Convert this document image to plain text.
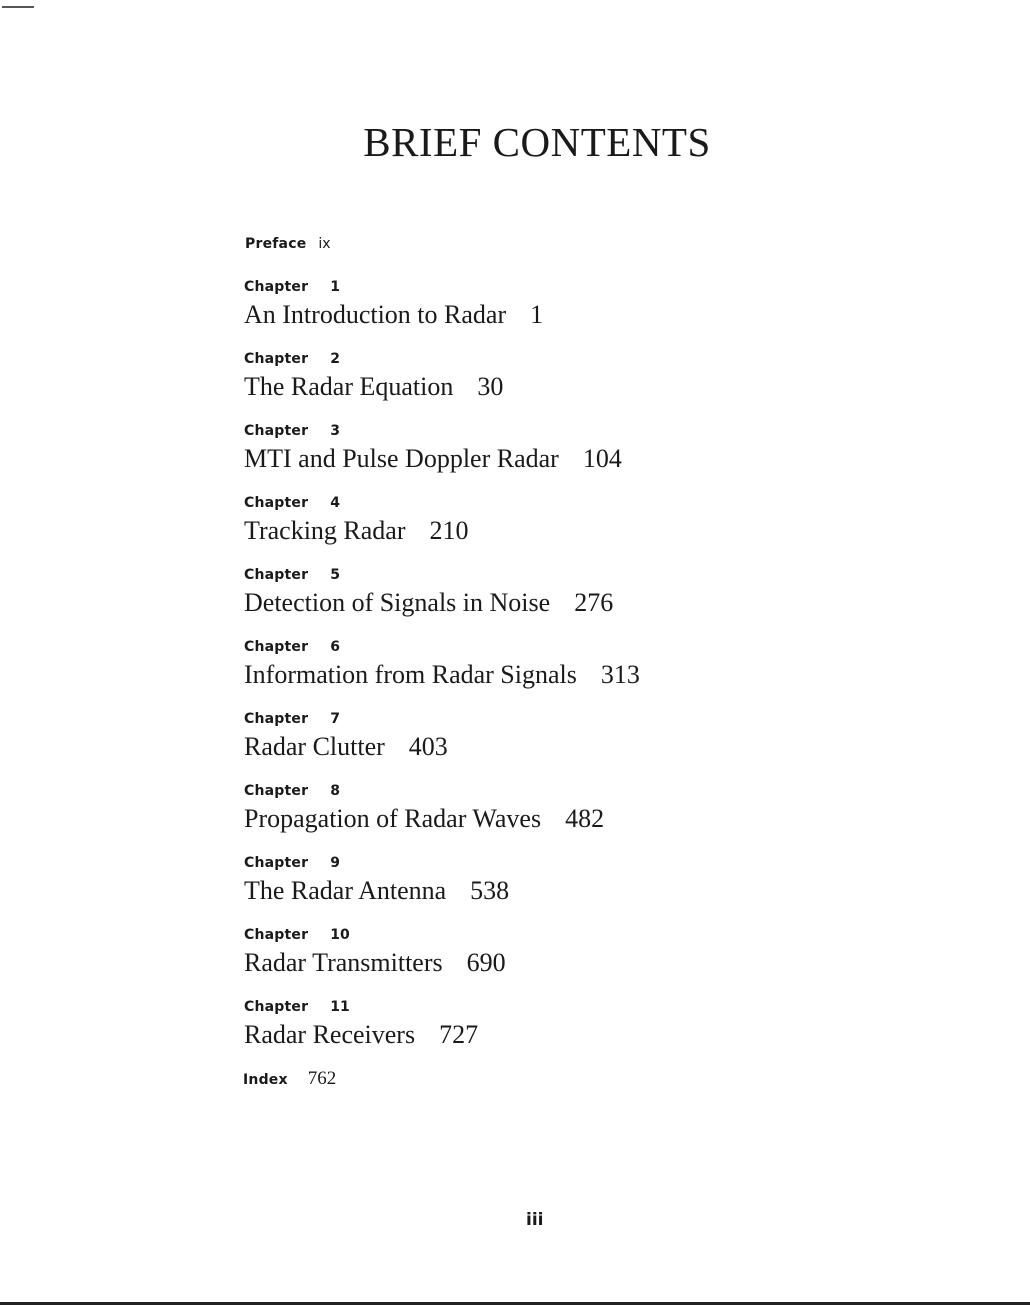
BRIEF CONTENTS
Preface ix
Chapter 1
An Introduction to Radar 1
Chapter 2
The Radar Equation 30
Chapter 3
MTI and Pulse Doppler Radar 104
Chapter 4
Tracking Radar 210
Chapter 5
Detection of Signals in Noise 276
Chapter 6
Information from Radar Signals 313
Chapter 7
Radar Clutter 403
Chapter 8
Propagation of Radar Waves 482
Chapter 9
The Radar Antenna 538
Chapter 10
Radar Transmitters 690
Chapter 11
Radar Receivers 727
Index 762
iii
